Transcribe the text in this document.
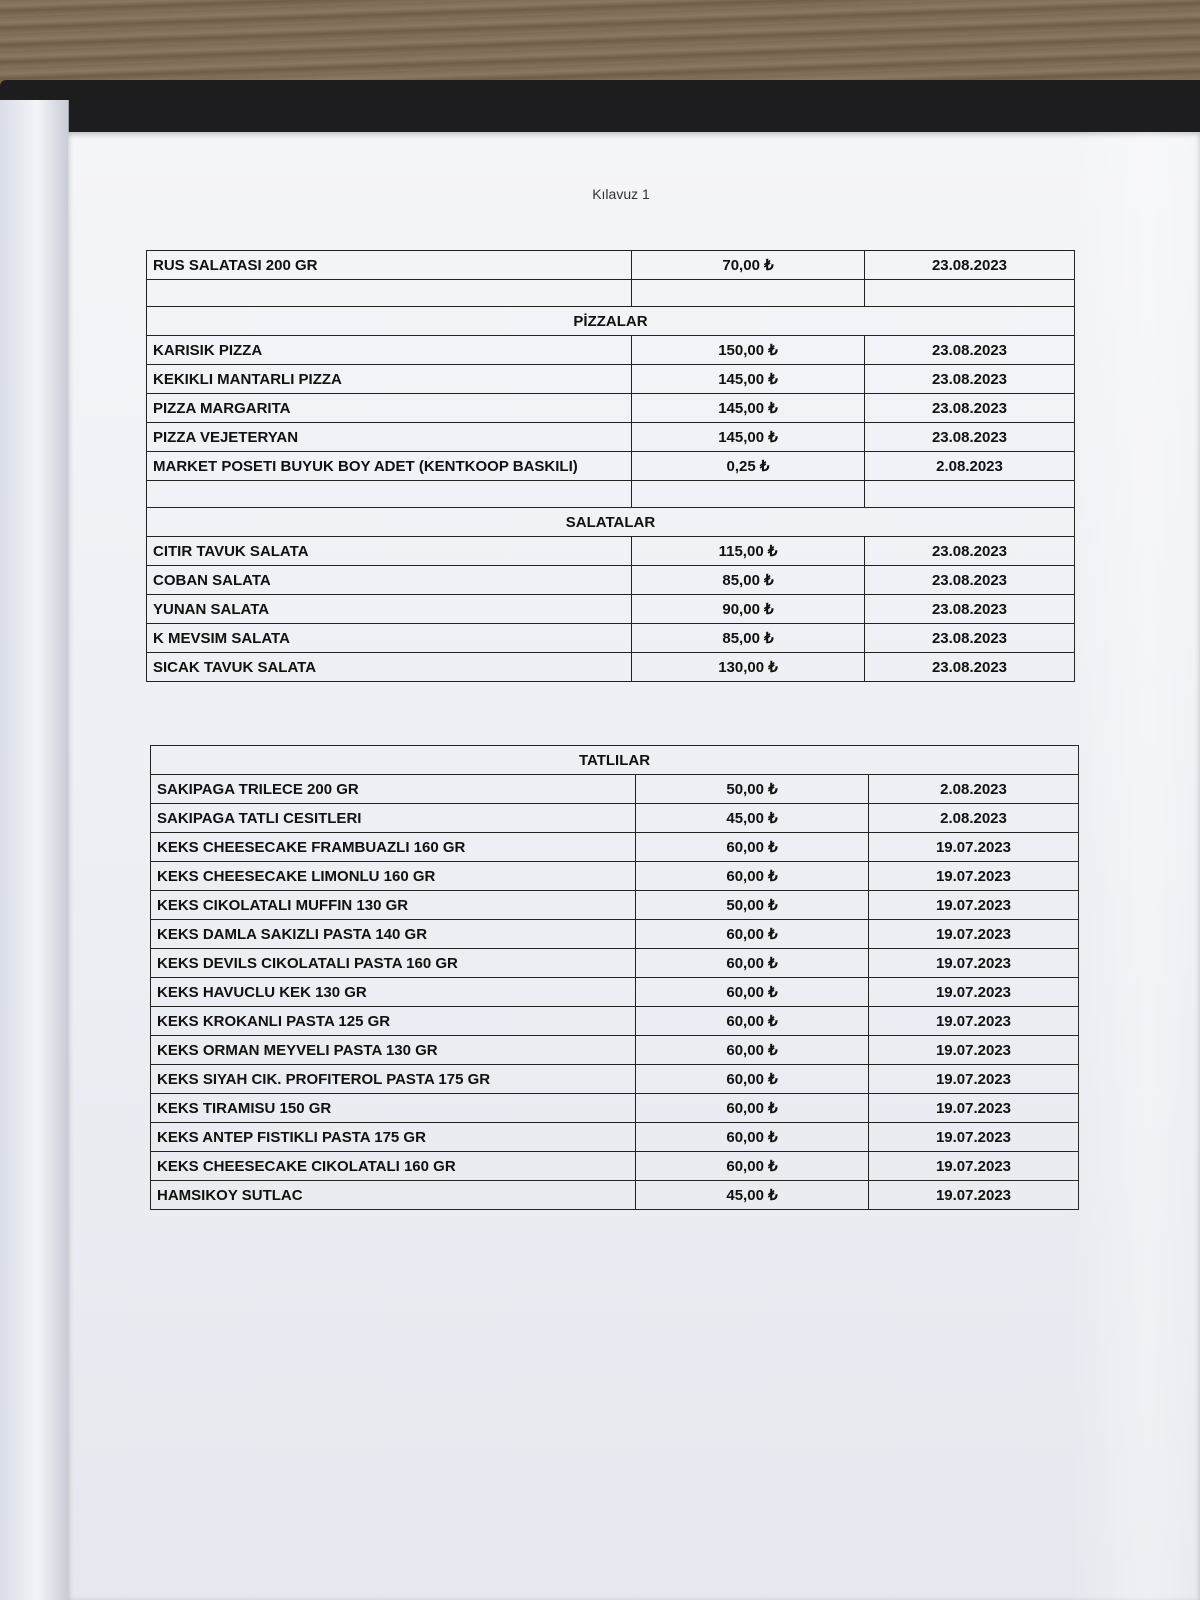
Kılavuz 1
RUS SALATASI 200 GR	70,00 ₺	23.08.2023

PİZZALAR		
KARISIK PIZZA	150,00 ₺	23.08.2023
KEKIKLI MANTARLI PIZZA	145,00 ₺	23.08.2023
PIZZA MARGARITA	145,00 ₺	23.08.2023
PIZZA VEJETERYAN	145,00 ₺	23.08.2023
MARKET POSETI BUYUK BOY ADET (KENTKOOP BASKILI)	0,25 ₺	2.08.2023

SALATALAR		
CITIR TAVUK SALATA	115,00 ₺	23.08.2023
COBAN SALATA	85,00 ₺	23.08.2023
YUNAN SALATA	90,00 ₺	23.08.2023
K MEVSIM SALATA	85,00 ₺	23.08.2023
SICAK TAVUK SALATA	130,00 ₺	23.08.2023
TATLILAR		
SAKIPAGA TRILECE 200 GR	50,00 ₺	2.08.2023
SAKIPAGA TATLI CESITLERI	45,00 ₺	2.08.2023
KEKS CHEESECAKE FRAMBUAZLI 160 GR	60,00 ₺	19.07.2023
KEKS CHEESECAKE LIMONLU 160 GR	60,00 ₺	19.07.2023
KEKS CIKOLATALI MUFFIN 130 GR	50,00 ₺	19.07.2023
KEKS DAMLA SAKIZLI PASTA 140 GR	60,00 ₺	19.07.2023
KEKS DEVILS CIKOLATALI PASTA 160 GR	60,00 ₺	19.07.2023
KEKS HAVUCLU KEK 130 GR	60,00 ₺	19.07.2023
KEKS KROKANLI PASTA 125 GR	60,00 ₺	19.07.2023
KEKS ORMAN MEYVELI PASTA 130 GR	60,00 ₺	19.07.2023
KEKS SIYAH CIK. PROFITEROL PASTA 175 GR	60,00 ₺	19.07.2023
KEKS TIRAMISU 150 GR	60,00 ₺	19.07.2023
KEKS ANTEP FISTIKLI PASTA 175 GR	60,00 ₺	19.07.2023
KEKS CHEESECAKE CIKOLATALI 160 GR	60,00 ₺	19.07.2023
HAMSIKOY SUTLAC	45,00 ₺	19.07.2023
